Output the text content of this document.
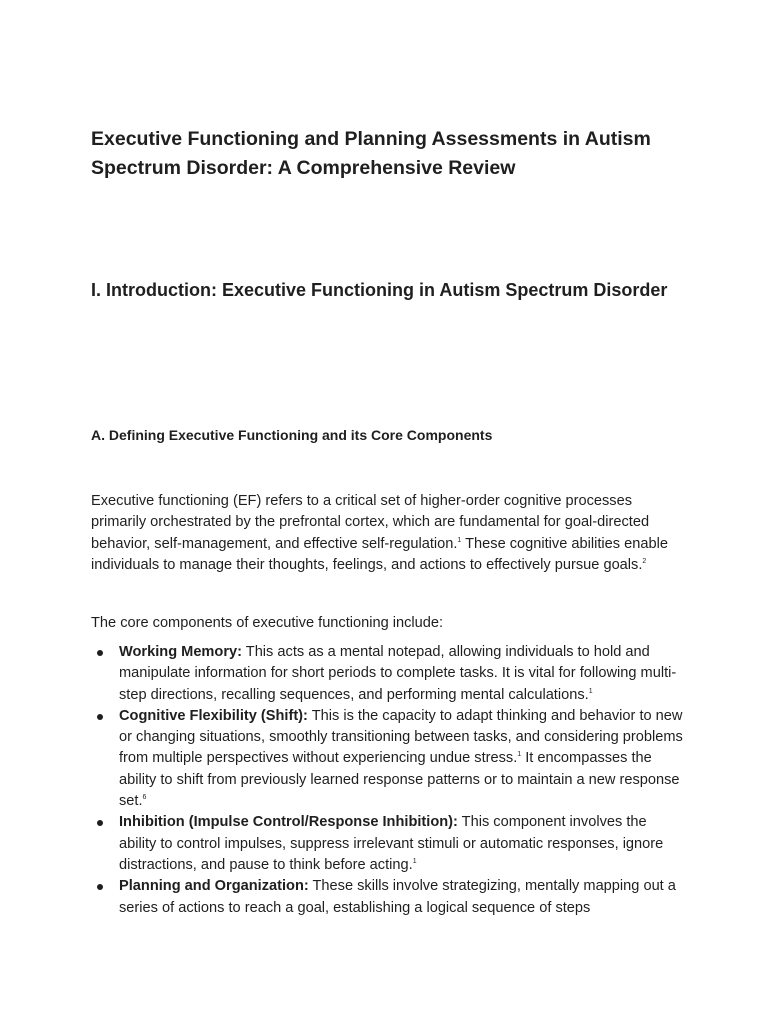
Executive Functioning and Planning Assessments in Autism Spectrum Disorder: A Comprehensive Review
I. Introduction: Executive Functioning in Autism Spectrum Disorder
A. Defining Executive Functioning and its Core Components

Executive functioning (EF) refers to a critical set of higher-order cognitive processes primarily orchestrated by the prefrontal cortex, which are fundamental for goal-directed behavior, self-management, and effective self-regulation.$^1$ These cognitive abilities enable individuals to manage their thoughts, feelings, and actions to effectively pursue goals.$^2$

The core components of executive functioning include:

Working Memory: This acts as a mental notepad, allowing individuals to hold and manipulate information for short periods to complete tasks. It is vital for following multi-step directions, recalling sequences, and performing mental calculations.$^1$
Cognitive Flexibility (Shift): This is the capacity to adapt thinking and behavior to new or changing situations, smoothly transitioning between tasks, and considering problems from multiple perspectives without experiencing undue stress.$^1$ It encompasses the ability to shift from previously learned response patterns or to maintain a new response set.$^6$
Inhibition (Impulse Control/Response Inhibition): This component involves the ability to control impulses, suppress irrelevant stimuli or automatic responses, ignore distractions, and pause to think before acting.$^1$
Planning and Organization: These skills involve strategizing, mentally mapping out a series of actions to reach a goal, establishing a logical sequence of steps
